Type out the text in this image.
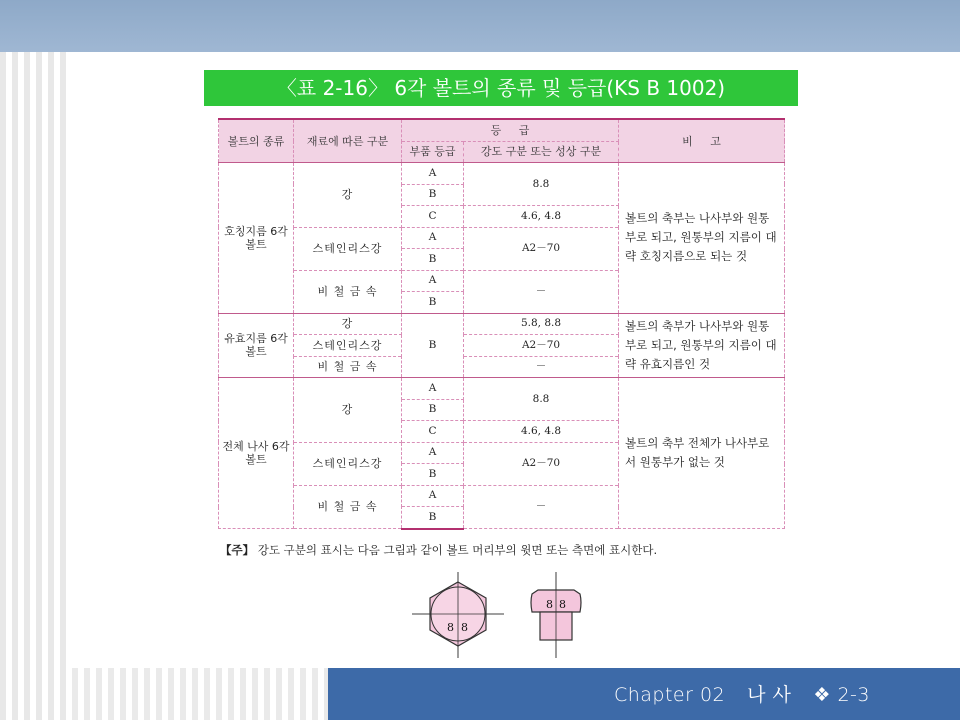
〈표 2-16〉 6각 볼트의 종류 및 등급(KS B 1002)
볼트의 종류	재료에 따른 구분	등     급		비     고
		부품 등급	강도 구분 또는 성상 구분	
호칭지름 6각 볼트	강	A	8.8	볼트의 축부는 나사부와 원통부로 되고, 원통부의 지름이 대략 호칭지름으로 되는 것
		B		
		C	4.6, 4.8	
	스테인리스강	A	A2－70	
		B		
	비 철 금 속	A	－	
		B		
유효지름 6각 볼트	강	B	5.8, 8.8	볼트의 축부가 나사부와 원통부로 되고, 원통부의 지름이 대략 유효지름인 것
	스테인리스강		A2－70	
	비 철 금 속		－	
전체 나사 6각 볼트	강	A	8.8	볼트의 축부 전체가 나사부로서 원통부가 없는 것
		B		
		C	4.6, 4.8	
	스테인리스강	A	A2－70	
		B		
	비 철 금 속	A	－	
		B		
【주】 강도 구분의 표시는 다음 그림과 같이 볼트 머리부의 윗면 또는 측면에 표시한다.
8 8
8 8
Chapter 02 나 사 ❖ 2-3
